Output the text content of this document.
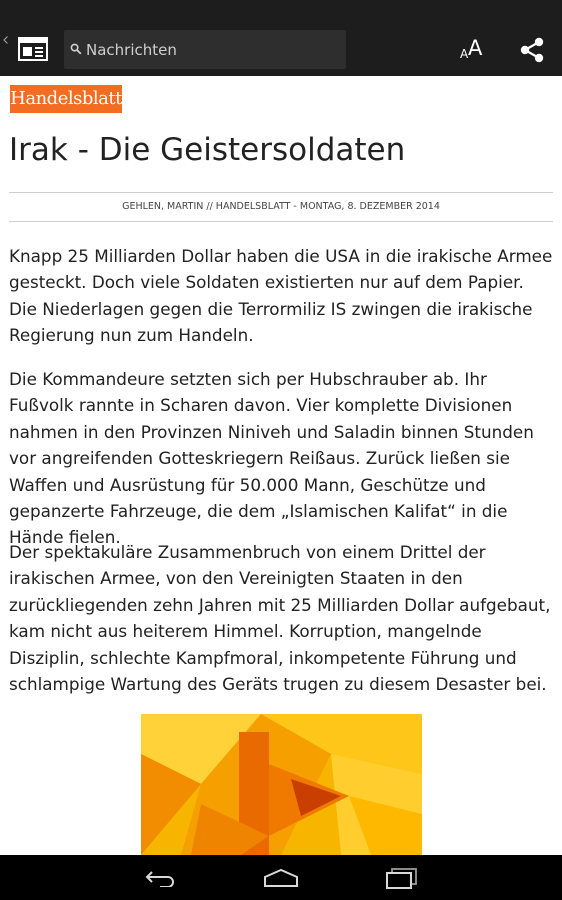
Nachrichten
A A
Handelsblatt
Irak - Die Geistersoldaten
GEHLEN, MARTIN // HANDELSBLATT - MONTAG, 8. DEZEMBER 2014

Knapp 25 Milliarden Dollar haben die USA in die irakische Armee gesteckt. Doch viele Soldaten existierten nur auf dem Papier. Die Niederlagen gegen die Terrormiliz IS zwingen die irakische Regierung nun zum Handeln.

Die Kommandeure setzten sich per Hubschrauber ab. Ihr Fußvolk rannte in Scharen davon. Vier komplette Divisionen nahmen in den Provinzen Niniveh und Saladin binnen Stunden vor angreifenden Gotteskriegern Reißaus. Zurück ließen sie Waffen und Ausrüstung für 50.000 Mann, Geschütze und gepanzerte Fahrzeuge, die dem „Islamischen Kalifat“ in die Hände fielen.

Der spektakuläre Zusammenbruch von einem Drittel der irakischen Armee, von den Vereinigten Staaten in den zurückliegenden zehn Jahren mit 25 Milliarden Dollar aufgebaut, kam nicht aus heiterem Himmel. Korruption, mangelnde Disziplin, schlechte Kampfmoral, inkompetente Führung und schlampige Wartung des Geräts trugen zu diesem Desaster bei.
